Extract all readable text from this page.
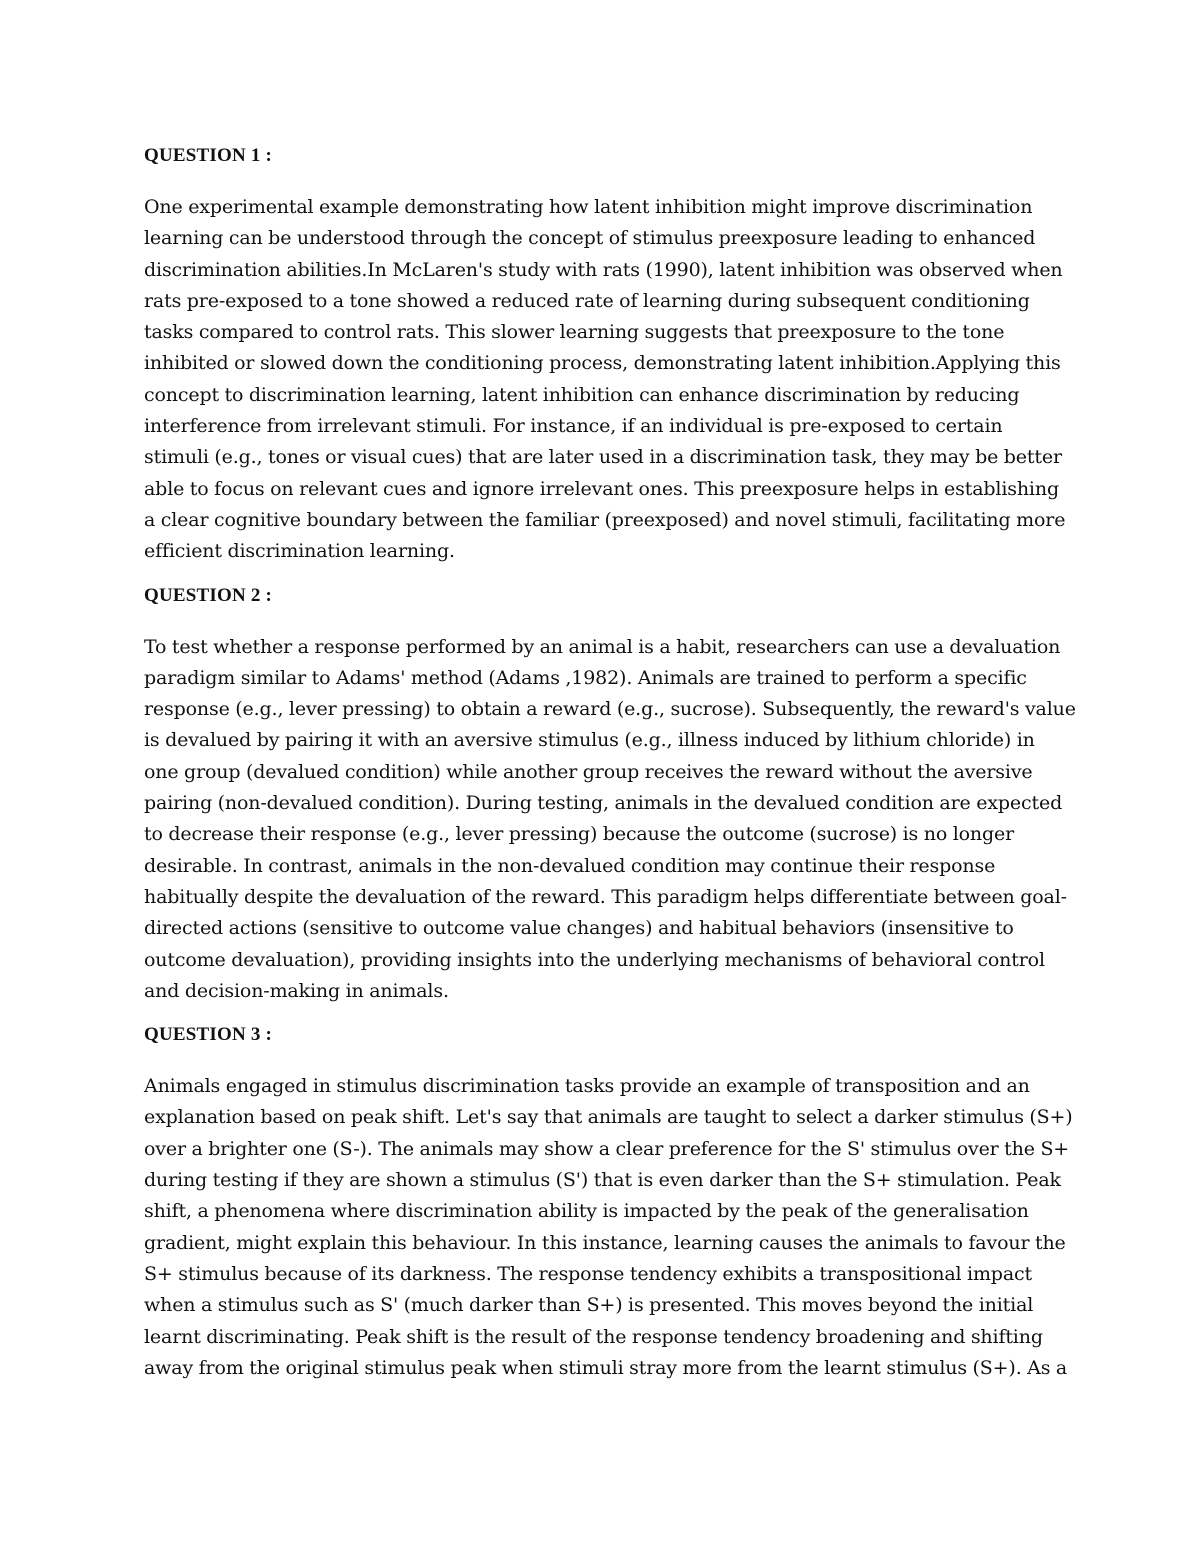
QUESTION 1 :
One experimental example demonstrating how latent inhibition might improve discrimination
learning can be understood through the concept of stimulus preexposure leading to enhanced
discrimination abilities.In McLaren's study with rats (1990), latent inhibition was observed when
rats pre-exposed to a tone showed a reduced rate of learning during subsequent conditioning
tasks compared to control rats. This slower learning suggests that preexposure to the tone
inhibited or slowed down the conditioning process, demonstrating latent inhibition.Applying this
concept to discrimination learning, latent inhibition can enhance discrimination by reducing
interference from irrelevant stimuli. For instance, if an individual is pre-exposed to certain
stimuli (e.g., tones or visual cues) that are later used in a discrimination task, they may be better
able to focus on relevant cues and ignore irrelevant ones. This preexposure helps in establishing
a clear cognitive boundary between the familiar (preexposed) and novel stimuli, facilitating more
efficient discrimination learning.
QUESTION 2 :
To test whether a response performed by an animal is a habit, researchers can use a devaluation
paradigm similar to Adams' method (Adams ,1982). Animals are trained to perform a specific
response (e.g., lever pressing) to obtain a reward (e.g., sucrose). Subsequently, the reward's value
is devalued by pairing it with an aversive stimulus (e.g., illness induced by lithium chloride) in
one group (devalued condition) while another group receives the reward without the aversive
pairing (non-devalued condition). During testing, animals in the devalued condition are expected
to decrease their response (e.g., lever pressing) because the outcome (sucrose) is no longer
desirable. In contrast, animals in the non-devalued condition may continue their response
habitually despite the devaluation of the reward. This paradigm helps differentiate between goal-
directed actions (sensitive to outcome value changes) and habitual behaviors (insensitive to
outcome devaluation), providing insights into the underlying mechanisms of behavioral control
and decision-making in animals.
QUESTION 3 :
Animals engaged in stimulus discrimination tasks provide an example of transposition and an
explanation based on peak shift. Let's say that animals are taught to select a darker stimulus (S+)
over a brighter one (S-). The animals may show a clear preference for the S' stimulus over the S+
during testing if they are shown a stimulus (S') that is even darker than the S+ stimulation. Peak
shift, a phenomena where discrimination ability is impacted by the peak of the generalisation
gradient, might explain this behaviour. In this instance, learning causes the animals to favour the
S+ stimulus because of its darkness. The response tendency exhibits a transpositional impact
when a stimulus such as S' (much darker than S+) is presented. This moves beyond the initial
learnt discriminating. Peak shift is the result of the response tendency broadening and shifting
away from the original stimulus peak when stimuli stray more from the learnt stimulus (S+). As a
